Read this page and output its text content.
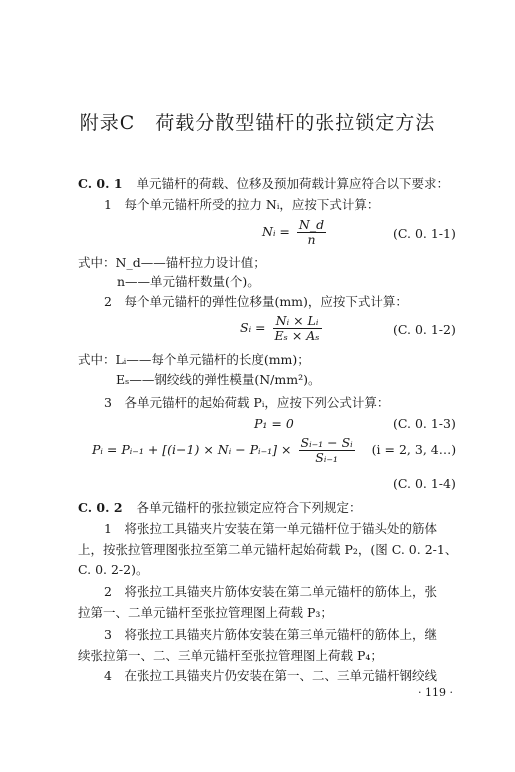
附录C　荷载分散型锚杆的张拉锁定方法
C. 0. 1 单元锚杆的荷载、位移及预加荷载计算应符合以下要求：
1　每个单元锚杆所受的拉力 Nᵢ，应按下式计算：
Nᵢ = $\frac{N\_d}{n}$	(C. 0. 1-1)
式中：N_d——锚杆拉力设计值；
n——单元锚杆数量(个)。
2　每个单元锚杆的弹性位移量(mm)，应按下式计算：
Sᵢ = $\frac{\text{Nᵢ × Lᵢ}}{\text{Eₛ × Aₛ}}$	(C. 0. 1-2)
式中：Lᵢ——每个单元锚杆的长度(mm)；
Eₛ——钢绞线的弹性模量(N/mm²)。
3　各单元锚杆的起始荷载 Pᵢ，应按下列公式计算：
P₁ = 0	(C. 0. 1-3)
Pᵢ = Pᵢ₋₁ + [(i−1) × Nᵢ − Pᵢ₋₁] × $\frac{\text{Sᵢ₋₁ − Sᵢ}}{\text{Sᵢ₋₁}} (i = 2$, 3, 4…)
(C. 0. 1-4)
C. 0. 2 各单元锚杆的张拉锁定应符合下列规定：
1　将张拉工具锚夹片安装在第一单元锚杆位于锚头处的筋体
上，按张拉管理图张拉至第二单元锚杆起始荷载 P₂，(图 C. 0. 2-1、
C. 0. 2-2)。
2　将张拉工具锚夹片筋体安装在第二单元锚杆的筋体上，张
拉第一、二单元锚杆至张拉管理图上荷载 P₃；
3　将张拉工具锚夹片筋体安装在第三单元锚杆的筋体上，继
续张拉第一、二、三单元锚杆至张拉管理图上荷载 P₄；
4　在张拉工具锚夹片仍安装在第一、二、三单元锚杆钢绞线
· 119 ·
